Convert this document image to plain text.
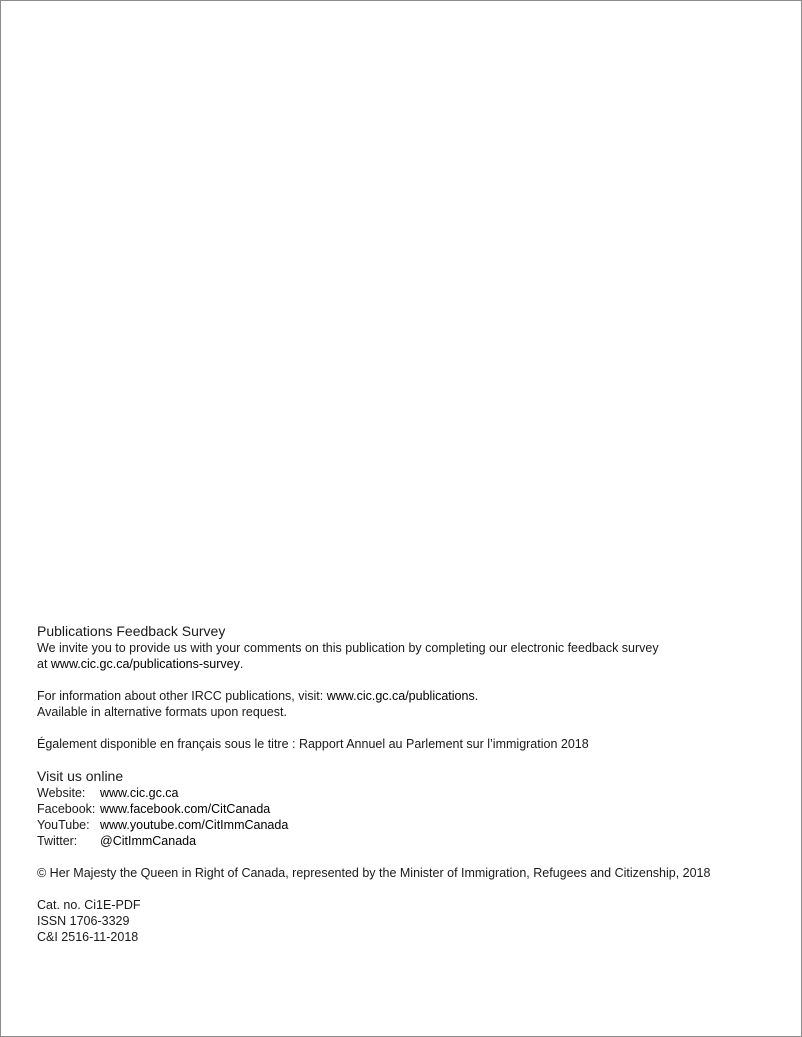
Publications Feedback Survey
We invite you to provide us with your comments on this publication by completing our electronic feedback survey
at www.cic.gc.ca/publications-survey.
For information about other IRCC publications, visit: www.cic.gc.ca/publications.
Available in alternative formats upon request.
Également disponible en français sous le titre : Rapport Annuel au Parlement sur l’immigration 2018
Visit us online
Website:	www.cic.gc.ca
Facebook: www.facebook.com/CitCanada
YouTube: www.youtube.com/CitImmCanada
Twitter:	@CitImmCanada
© Her Majesty the Queen in Right of Canada, represented by the Minister of Immigration, Refugees and Citizenship, 2018
Cat. no. Ci1E-PDF
ISSN 1706-3329
C&I 2516-11-2018
